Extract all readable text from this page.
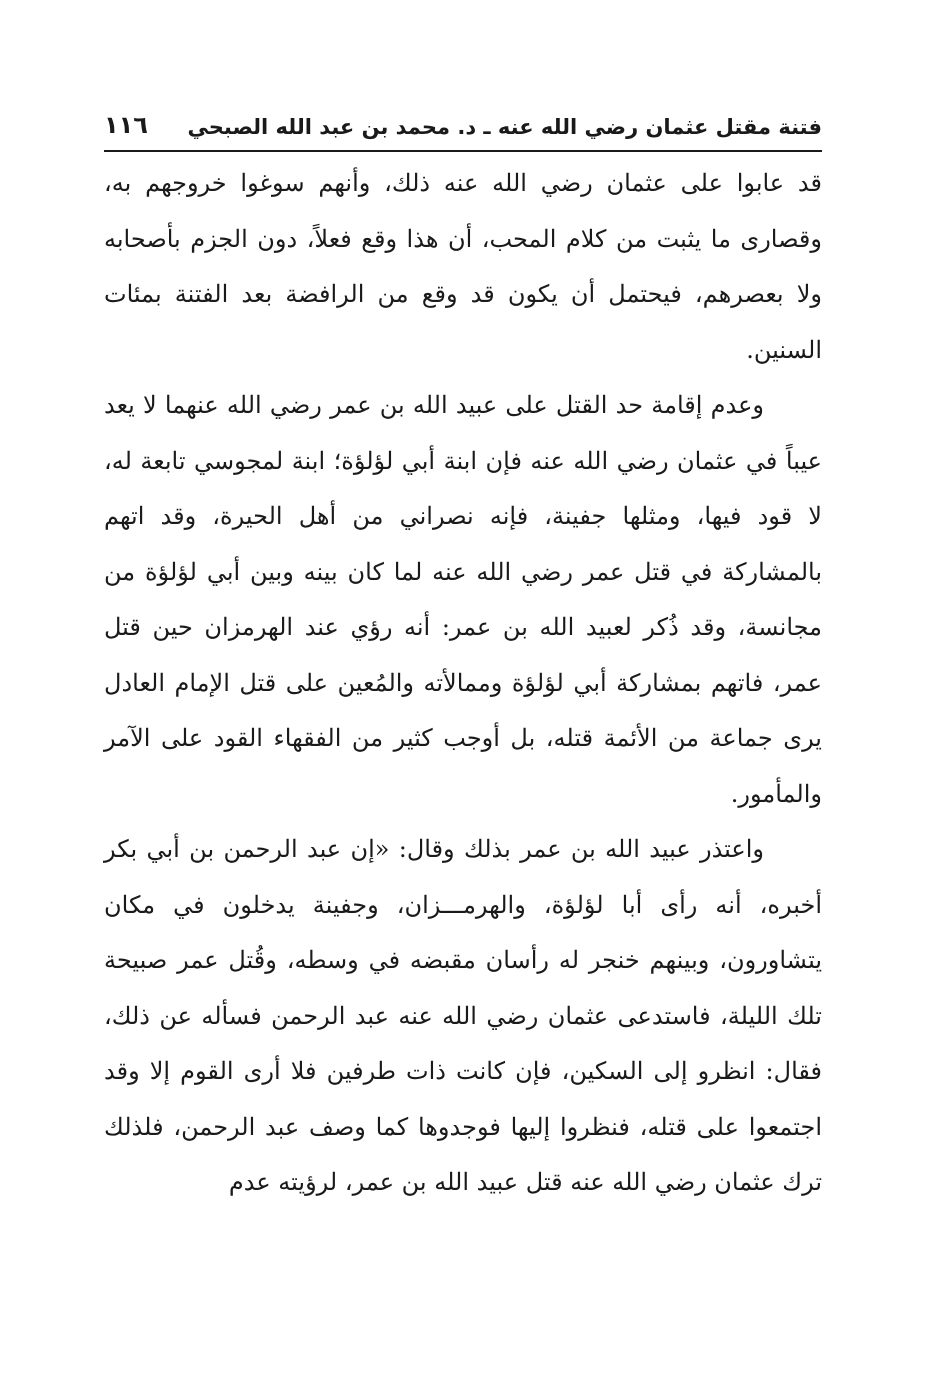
فتنة مقتل عثمان رضي الله عنه ـ د. محمد بن عبد الله الصبحي
١١٦

قد عابوا على عثمان رضي الله عنه ذلك، وأنهم سوغوا خروجهم به، وقصارى ما يثبت من كلام المحب، أن هذا وقع فعلاً، دون الجزم بأصحابه ولا بعصرهم، فيحتمل أن يكون قد وقع من الرافضة بعد الفتنة بمئات السنين.

وعدم إقامة حد القتل على عبيد الله بن عمر رضي الله عنهما لا يعد عيباً في عثمان رضي الله عنه فإن ابنة أبي لؤلؤة؛ ابنة لمجوسي تابعة له، لا قود فيها، ومثلها جفينة، فإنه نصراني من أهل الحيرة، وقد اتهم بالمشاركة في قتل عمر رضي الله عنه لما كان بينه وبين أبي لؤلؤة من مجانسة، وقد ذُكر لعبيد الله بن عمر: أنه رؤي عند الهرمزان حين قتل عمر، فاتهم بمشاركة أبي لؤلؤة وممالأته والمُعين على قتل الإمام العادل يرى جماعة من الأئمة قتله، بل أوجب كثير من الفقهاء القود على الآمر والمأمور.

واعتذر عبيد الله بن عمر بذلك وقال: «إن عبد الرحمن بن أبي بكر أخبره، أنه رأى أبا لؤلؤة، والهرمـــزان، وجفينة يدخلون في مكان يتشاورون، وبينهم خنجر له رأسان مقبضه في وسطه، وقُتل عمر صبيحة تلك الليلة، فاستدعى عثمان رضي الله عنه عبد الرحمن فسأله عن ذلك، فقال: انظرو إلى السكين، فإن كانت ذات طرفين فلا أرى القوم إلا وقد اجتمعوا على قتله، فنظروا إليها فوجدوها كما وصف عبد الرحمن، فلذلك ترك عثمان رضي الله عنه قتل عبيد الله بن عمر، لرؤيته عدم
